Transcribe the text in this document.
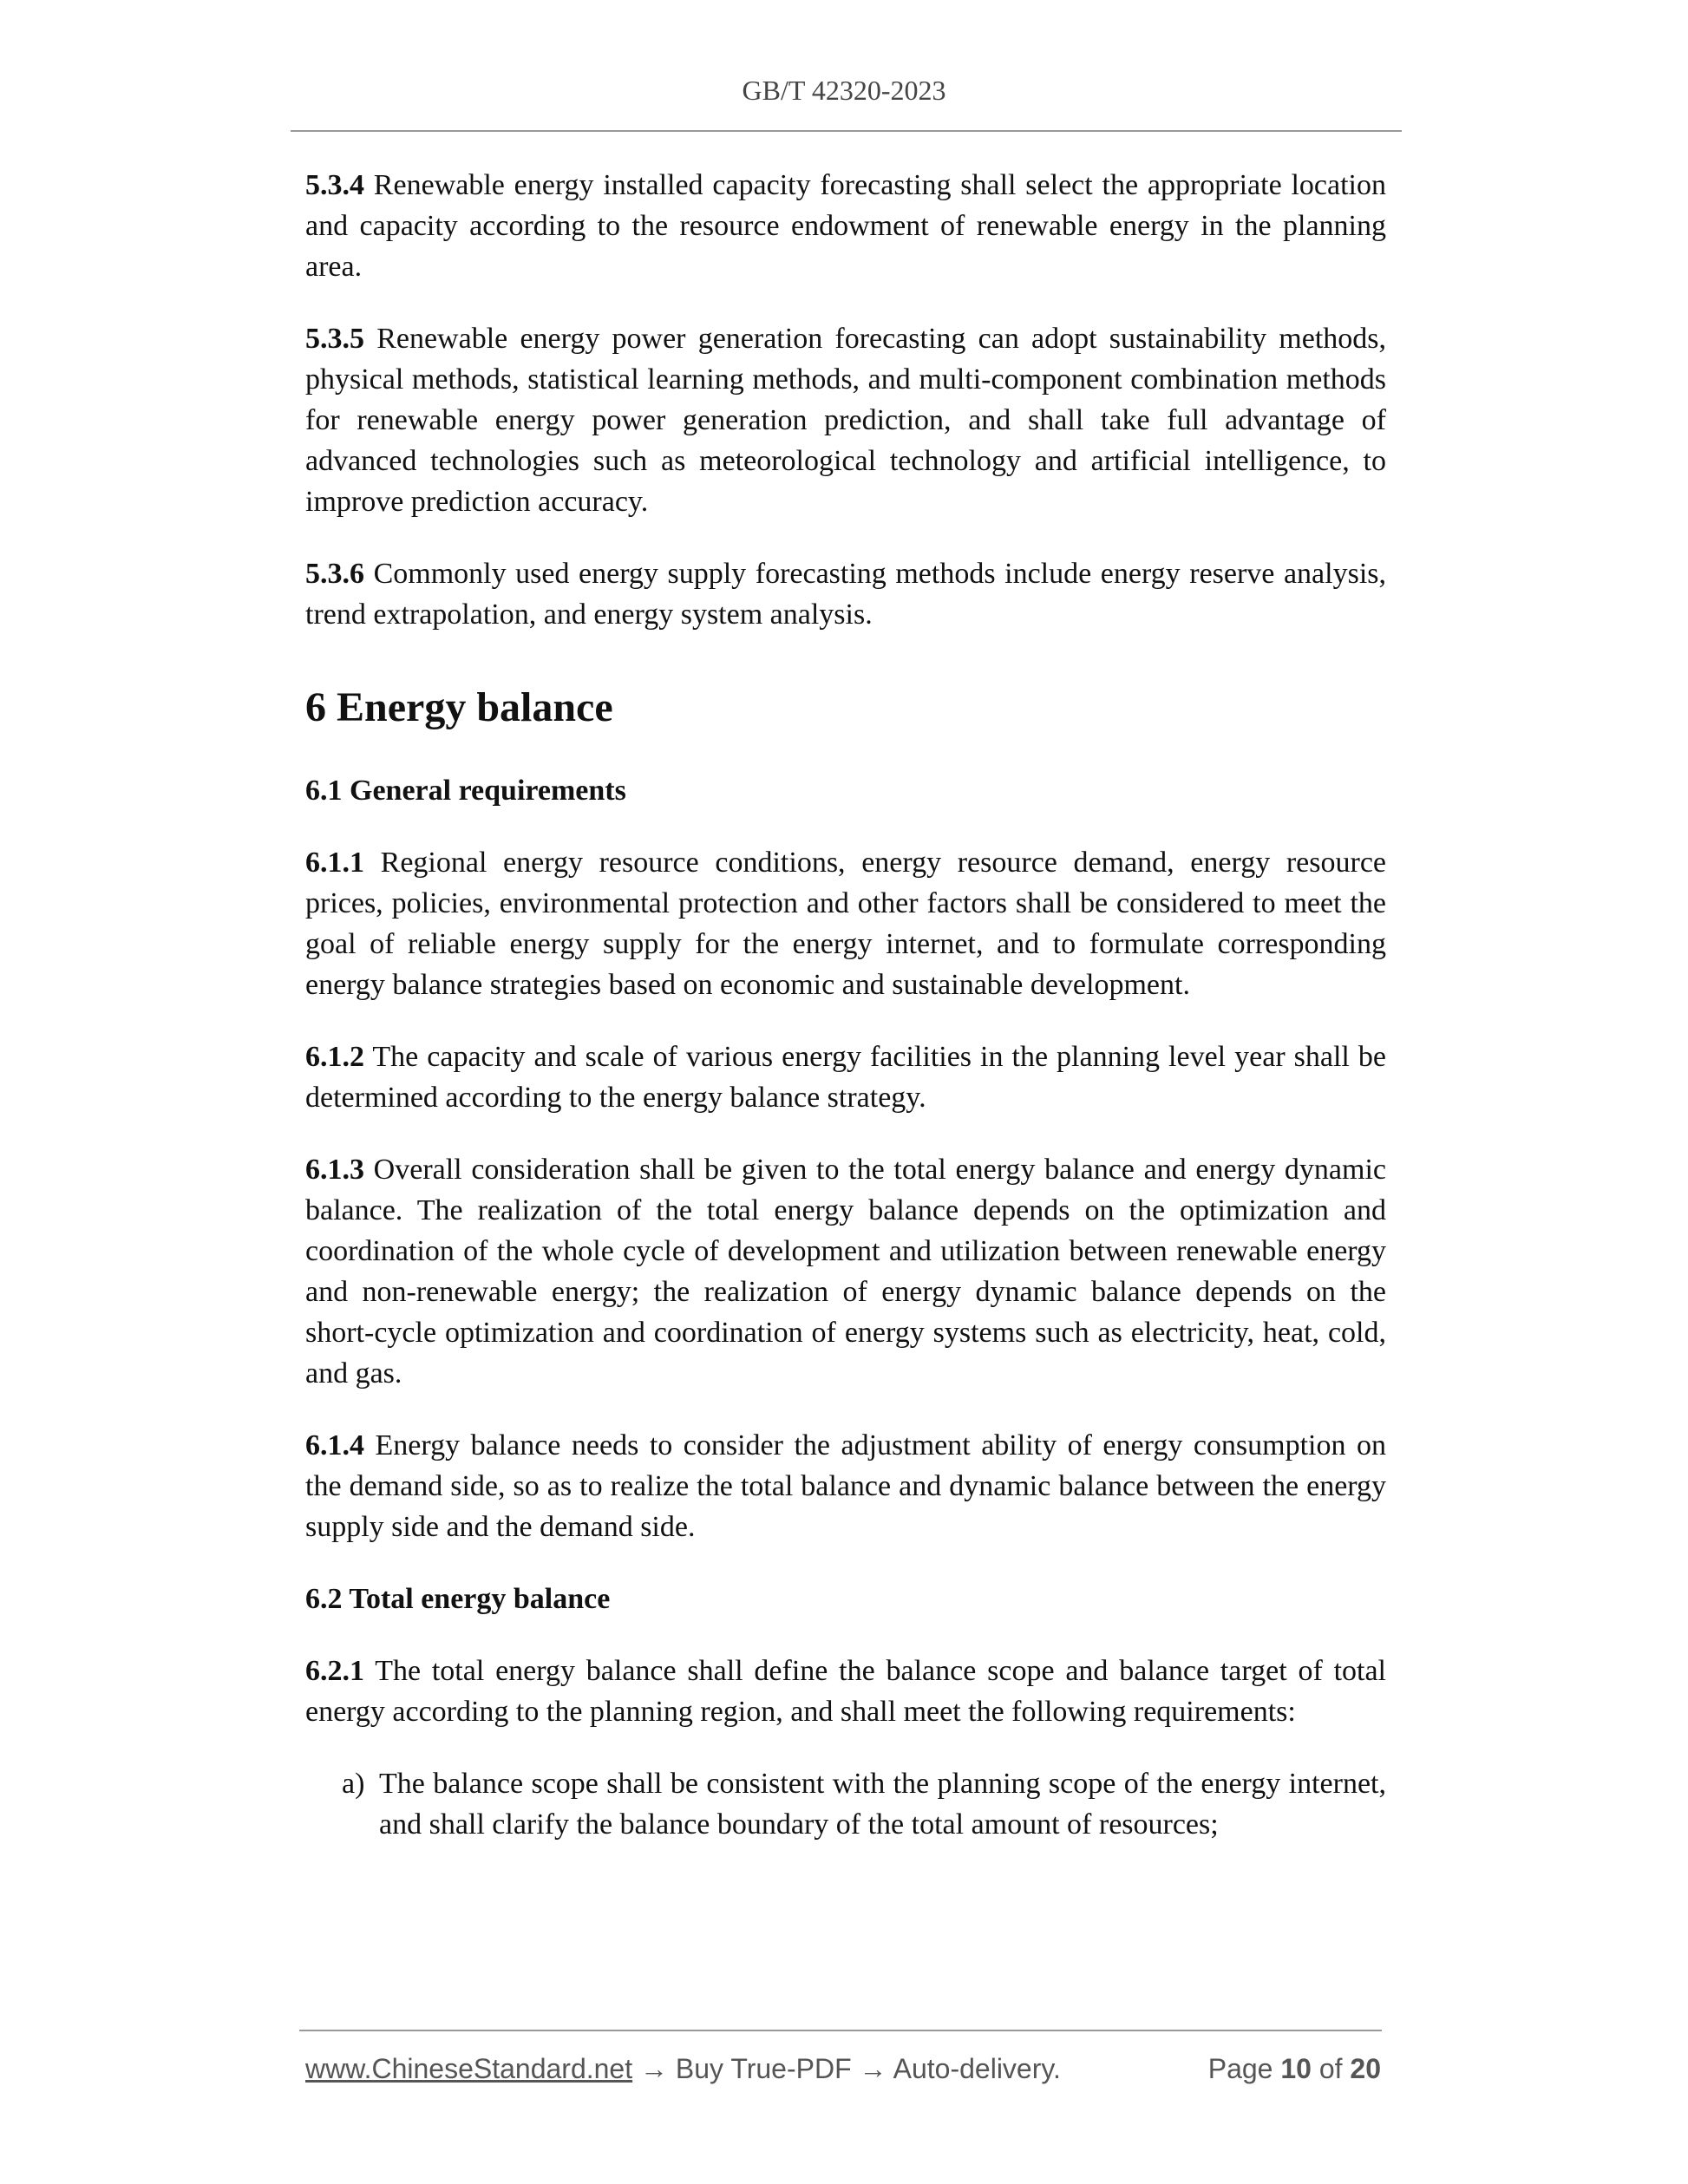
GB/T 42320-2023

5.3.4 Renewable energy installed capacity forecasting shall select the appropriate location and capacity according to the resource endowment of renewable energy in the planning area.

5.3.5 Renewable energy power generation forecasting can adopt sustainability methods, physical methods, statistical learning methods, and multi-component combination methods for renewable energy power generation prediction, and shall take full advantage of advanced technologies such as meteorological technology and artificial intelligence, to improve prediction accuracy.

5.3.6 Commonly used energy supply forecasting methods include energy reserve analysis, trend extrapolation, and energy system analysis.

6 Energy balance
6.1 General requirements

6.1.1 Regional energy resource conditions, energy resource demand, energy resource prices, policies, environmental protection and other factors shall be considered to meet the goal of reliable energy supply for the energy internet, and to formulate corresponding energy balance strategies based on economic and sustainable development.

6.1.2 The capacity and scale of various energy facilities in the planning level year shall be determined according to the energy balance strategy.

6.1.3 Overall consideration shall be given to the total energy balance and energy dynamic balance. The realization of the total energy balance depends on the optimization and coordination of the whole cycle of development and utilization between renewable energy and non-renewable energy; the realization of energy dynamic balance depends on the short-cycle optimization and coordination of energy systems such as electricity, heat, cold, and gas.

6.1.4 Energy balance needs to consider the adjustment ability of energy consumption on the demand side, so as to realize the total balance and dynamic balance between the energy supply side and the demand side.

6.2 Total energy balance

6.2.1 The total energy balance shall define the balance scope and balance target of total energy according to the planning region, and shall meet the following requirements:

a) The balance scope shall be consistent with the planning scope of the energy internet, and shall clarify the balance boundary of the total amount of resources;

www.ChineseStandard.net → Buy True-PDF → Auto-delivery.	Page 10 of 20
